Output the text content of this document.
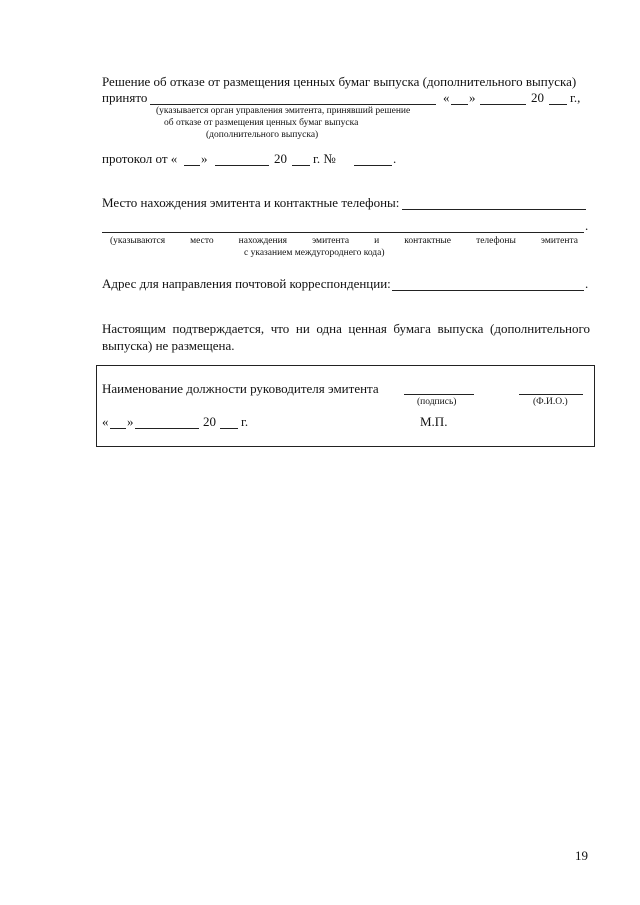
Решение об отказе от размещения ценных бумаг выпуска (дополнительного выпуска)
принято	« »	20 г.,
(указывается орган управления эмитента, принявший решение
об отказе от размещения ценных бумаг выпуска
(дополнительного выпуска)
протокол от « »	20 г. №	.
Место нахождения эмитента и контактные телефоны:
.
(указываются	место	нахождения	эмитента	и	контактные	телефоны	эмитента
с указанием междугороднего кода)
Адрес для направления почтовой корреспонденции:	.
Настоящим подтверждается, что ни одна ценная бумага выпуска (дополнительного выпуска) не размещена.
Наименование должности руководителя эмитента
(подпись)	(Ф.И.О.)
« »	20 г.	М.П.
19
